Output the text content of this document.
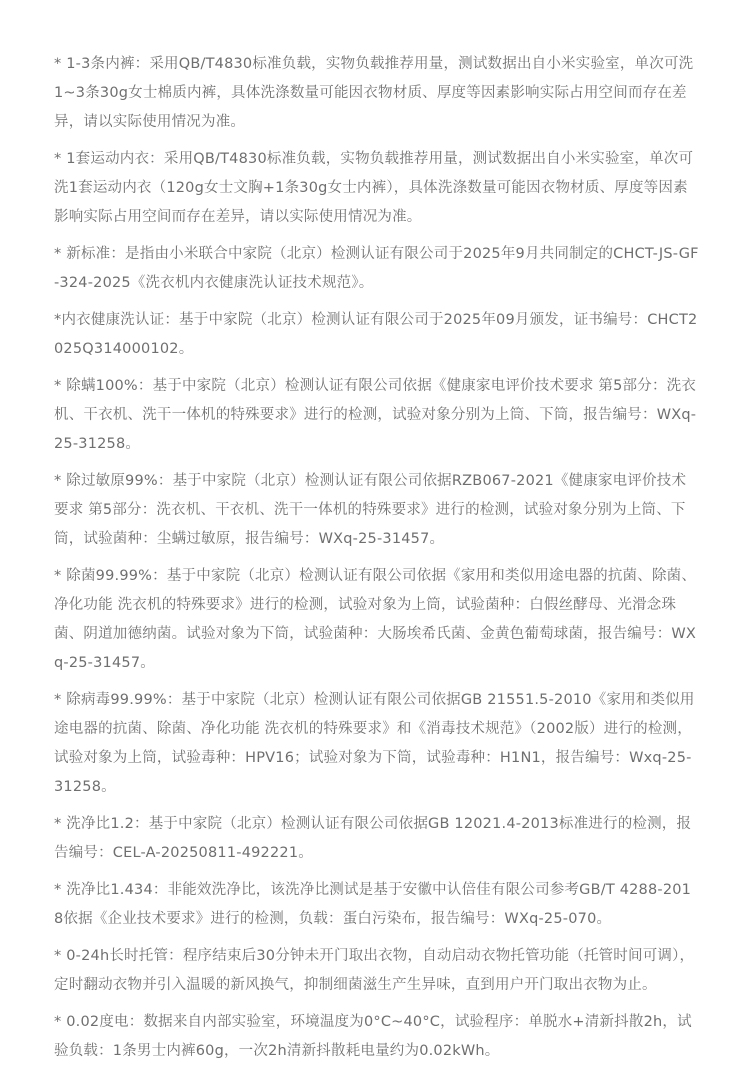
* 1-3条内裤：采用QB/T4830标准负载，实物负载推荐用量，测试数据出自小米实验室，单次可洗1~3条30g女士棉质内裤，具体洗涤数量可能因衣物材质、厚度等因素影响实际占用空间而存在差异，请以实际使用情况为准。

* 1套运动内衣：采用QB/T4830标准负载，实物负载推荐用量，测试数据出自小米实验室，单次可洗1套运动内衣（120g女士文胸+1条30g女士内裤），具体洗涤数量可能因衣物材质、厚度等因素影响实际占用空间而存在差异，请以实际使用情况为准。

* 新标准：是指由小米联合中家院（北京）检测认证有限公司于2025年9月共同制定的CHCT-JS-GF-324-2025《洗衣机内衣健康洗认证技术规范》。

*内衣健康洗认证：基于中家院（北京）检测认证有限公司于2025年09月颁发，证书编号：CHCT2025Q314000102。

* 除螨100%：基于中家院（北京）检测认证有限公司依据《健康家电评价技术要求 第5部分：洗衣机、干衣机、洗干一体机的特殊要求》进行的检测，试验对象分别为上筒、下筒，报告编号：WXq-25-31258。

* 除过敏原99%：基于中家院（北京）检测认证有限公司依据RZB067-2021《健康家电评价技术要求 第5部分：洗衣机、干衣机、洗干一体机的特殊要求》进行的检测，试验对象分别为上筒、下筒，试验菌种：尘螨过敏原，报告编号：WXq-25-31457。

* 除菌99.99%：基于中家院（北京）检测认证有限公司依据《家用和类似用途电器的抗菌、除菌、净化功能 洗衣机的特殊要求》进行的检测，试验对象为上筒，试验菌种：白假丝酵母、光滑念珠菌、阴道加德纳菌。试验对象为下筒，试验菌种：大肠埃希氏菌、金黄色葡萄球菌，报告编号：WXq-25-31457。

* 除病毒99.99%：基于中家院（北京）检测认证有限公司依据GB 21551.5-2010《家用和类似用途电器的抗菌、除菌、净化功能 洗衣机的特殊要求》和《消毒技术规范》（2002版）进行的检测，试验对象为上筒，试验毒种：HPV16；试验对象为下筒，试验毒种：H1N1，报告编号：Wxq-25-31258。

* 洗净比1.2：基于中家院（北京）检测认证有限公司依据GB 12021.4-2013标准进行的检测，报告编号：CEL-A-20250811-492221。

* 洗净比1.434：非能效洗净比，该洗净比测试是基于安徽中认倍佳有限公司参考GB/T 4288-2018依据《企业技术要求》进行的检测，负载：蛋白污染布，报告编号：WXq-25-070。

* 0-24h长时托管：程序结束后30分钟未开门取出衣物，自动启动衣物托管功能（托管时间可调），定时翻动衣物并引入温暖的新风换气，抑制细菌滋生产生异味，直到用户开门取出衣物为止。

* 0.02度电：数据来自内部实验室，环境温度为0°C~40°C，试验程序：单脱水+清新抖散2h，试验负载：1条男士内裤60g，一次2h清新抖散耗电量约为0.02kWh。
